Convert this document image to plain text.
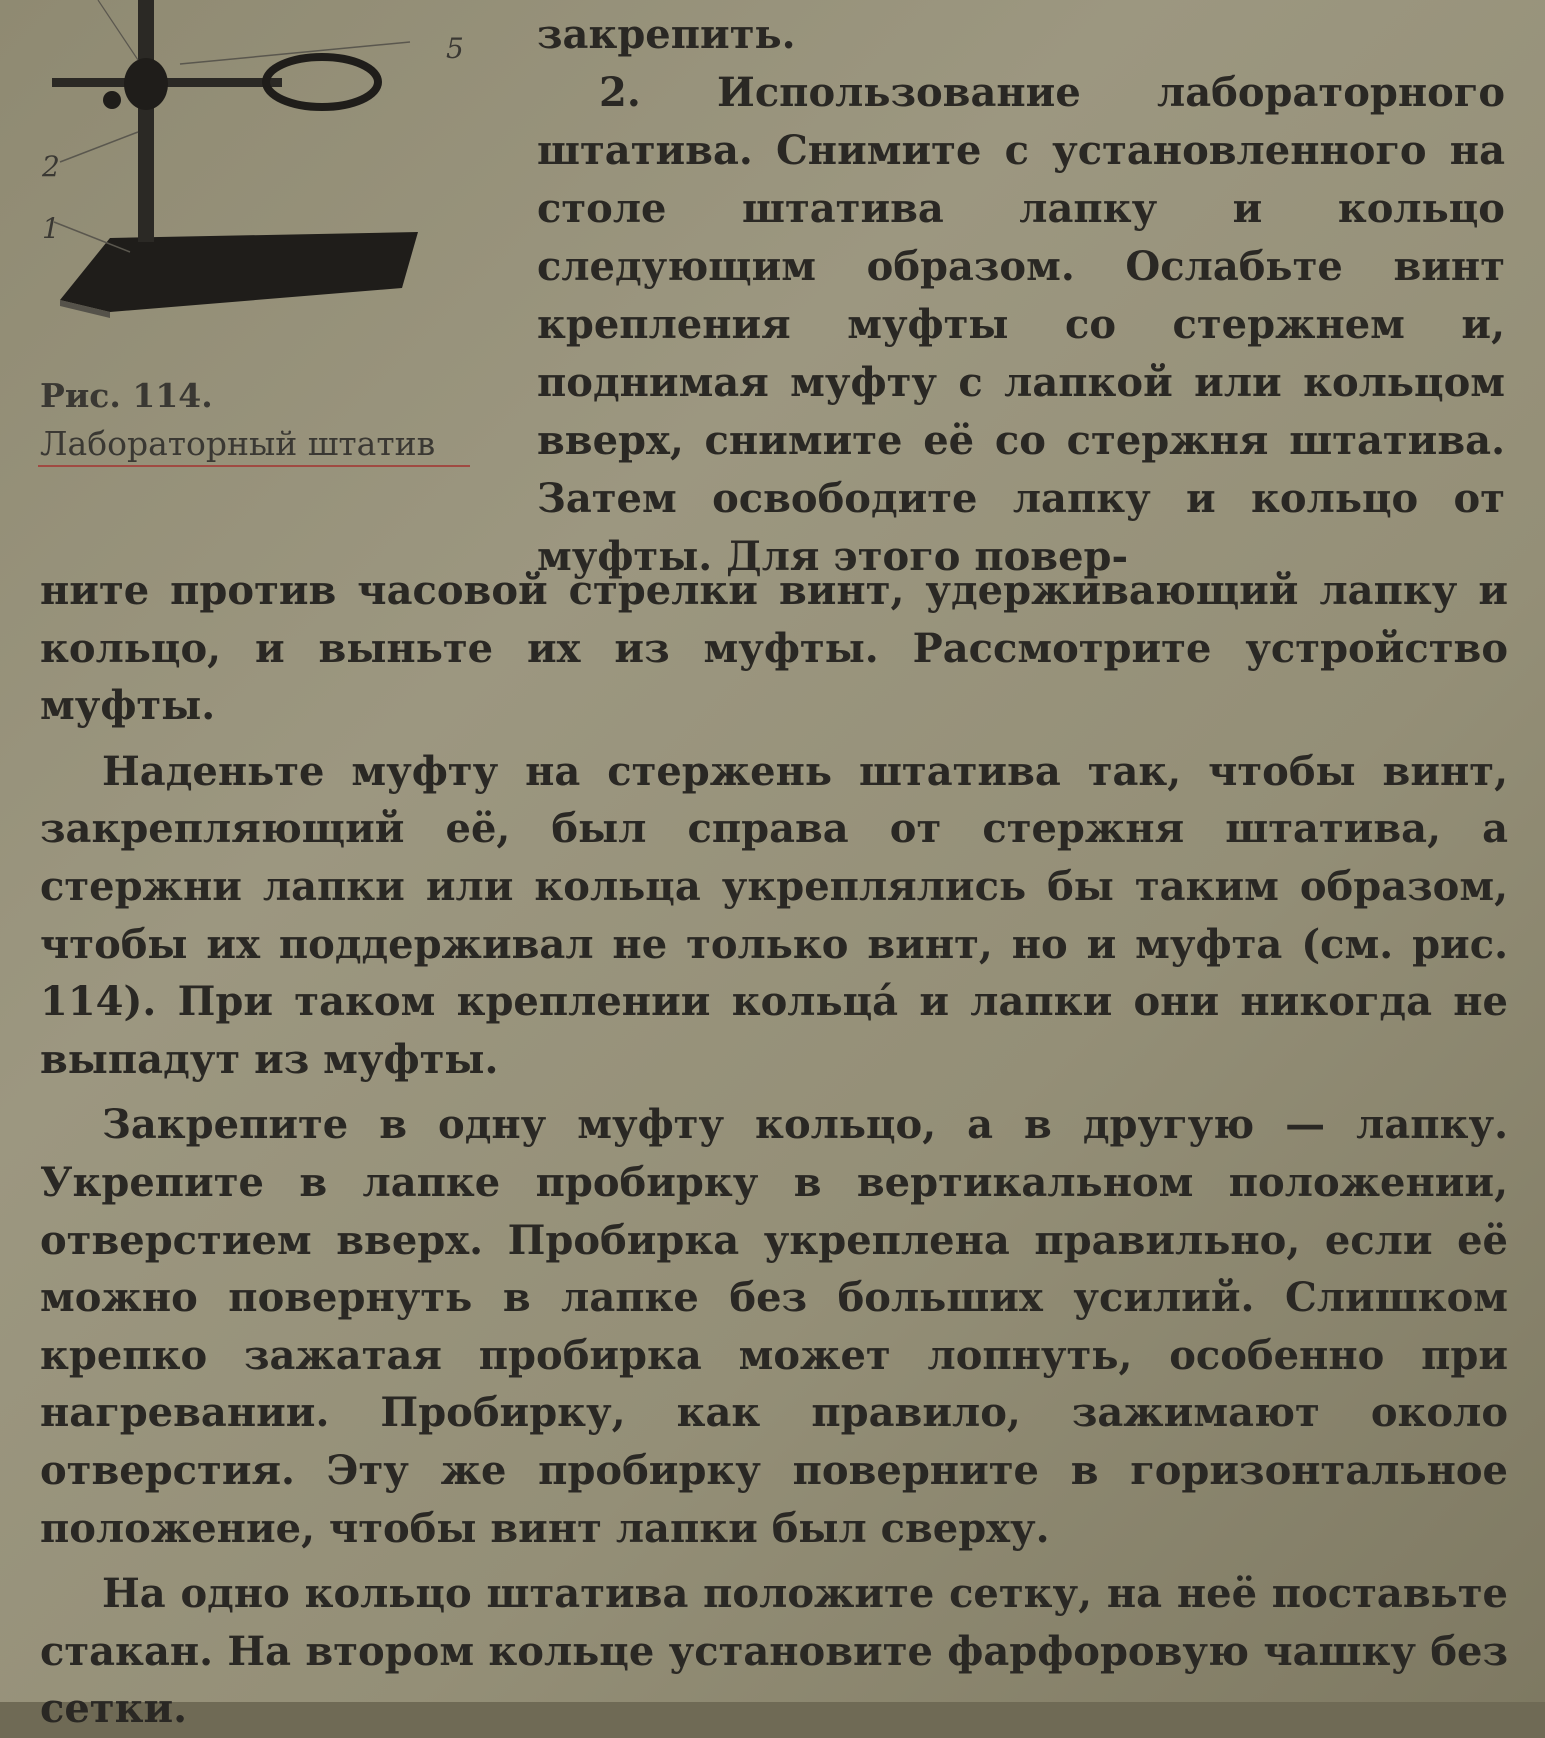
5
2
1
Рис. 114. Лабораторный штатив

закрепить.

2. Использование лабораторного штатива. Снимите с установленного на столе штатива лапку и кольцо следующим образом. Ослабьте винт крепления муфты со стержнем и, поднимая муфту с лапкой или кольцом вверх, снимите её со стержня штатива. Затем освободите лапку и кольцо от муфты. Для этого повер-

ните против часовой стрелки винт, удерживающий лапку и кольцо, и выньте их из муфты. Рассмотрите устройство муфты.

Наденьте муфту на стержень штатива так, чтобы винт, закрепляющий её, был справа от стержня штатива, а стержни лапки или кольца укреплялись бы таким образом, чтобы их поддерживал не только винт, но и муфта (см. рис. 114). При таком креплении кольца́ и лапки они никогда не выпадут из муфты.

Закрепите в одну муфту кольцо, а в другую — лапку. Укрепите в лапке пробирку в вертикальном положении, отверстием вверх. Пробирка укреплена правильно, если её можно повернуть в лапке без больших усилий. Слишком крепко зажатая пробирка может лопнуть, особенно при нагревании. Пробирку, как правило, зажимают около отверстия. Эту же пробирку поверните в горизонтальное положение, чтобы винт лапки был сверху.

На одно кольцо штатива положите сетку, на неё поставьте стакан. На втором кольце установите фарфоровую чашку без сетки.
